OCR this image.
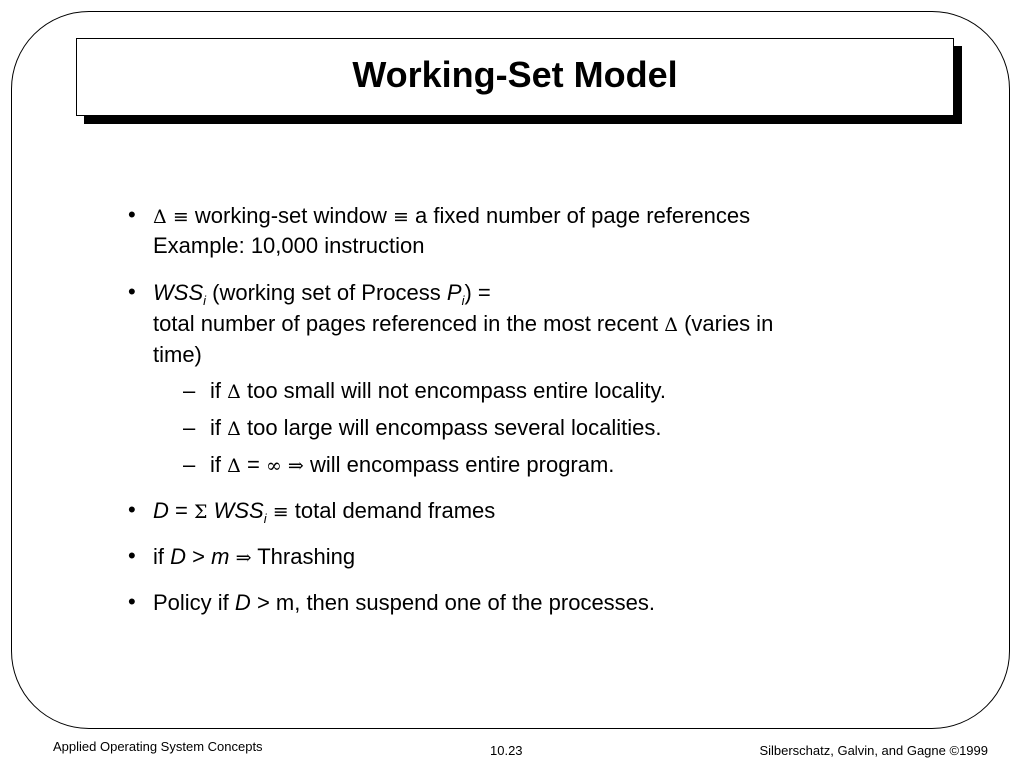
Working-Set Model
• Δ ≡ working-set window ≡ a fixed number of page references
Example: 10,000 instruction
• $WSS_i$ (working set of Process $P_i$) =
total number of pages referenced in the most recent Δ (varies in
time)
– if Δ too small will not encompass entire locality.
– if Δ too large will encompass several localities.
– if Δ = ∞ ⇒ will encompass entire program.
• D = Σ $WSS_i$ ≡ total demand frames
• if D > m ⇒ Thrashing
• Policy if D > m, then suspend one of the processes.
Applied Operating System Concepts	10.23	Silberschatz, Galvin, and Gagne ©1999
